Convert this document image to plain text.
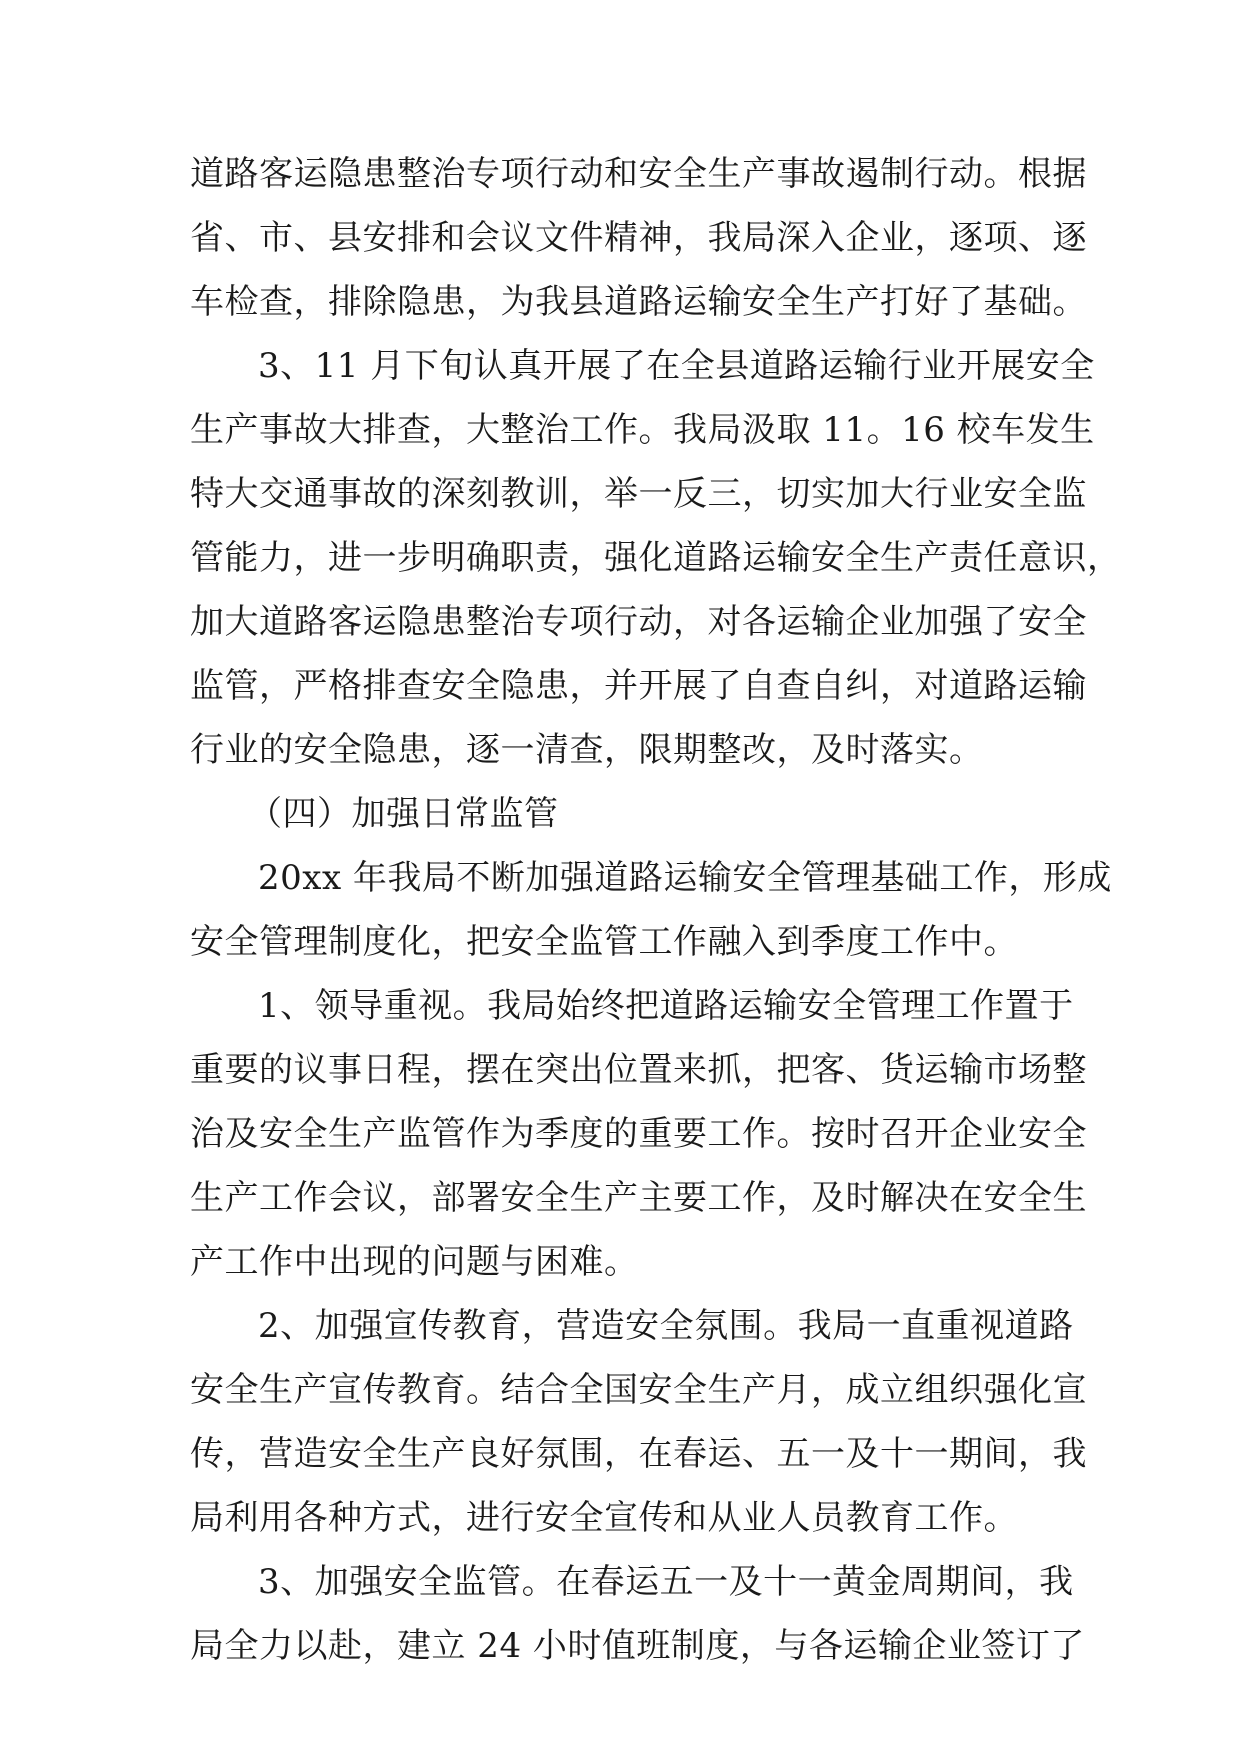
道路客运隐患整治专项行动和安全生产事故遏制行动。根据
省、市、县安排和会议文件精神，我局深入企业，逐项、逐
车检查，排除隐患，为我县道路运输安全生产打好了基础。
3、11 月下旬认真开展了在全县道路运输行业开展安全
生产事故大排查，大整治工作。我局汲取 11。16 校车发生
特大交通事故的深刻教训，举一反三，切实加大行业安全监
管能力，进一步明确职责，强化道路运输安全生产责任意识，
加大道路客运隐患整治专项行动，对各运输企业加强了安全
监管，严格排查安全隐患，并开展了自查自纠，对道路运输
行业的安全隐患，逐一清查，限期整改，及时落实。
（四）加强日常监管
20xx 年我局不断加强道路运输安全管理基础工作，形成
安全管理制度化，把安全监管工作融入到季度工作中。
1、领导重视。我局始终把道路运输安全管理工作置于
重要的议事日程，摆在突出位置来抓，把客、货运输市场整
治及安全生产监管作为季度的重要工作。按时召开企业安全
生产工作会议，部署安全生产主要工作，及时解决在安全生
产工作中出现的问题与困难。
2、加强宣传教育，营造安全氛围。我局一直重视道路
安全生产宣传教育。结合全国安全生产月，成立组织强化宣
传，营造安全生产良好氛围，在春运、五一及十一期间，我
局利用各种方式，进行安全宣传和从业人员教育工作。
3、加强安全监管。在春运五一及十一黄金周期间，我
局全力以赴，建立 24 小时值班制度，与各运输企业签订了
